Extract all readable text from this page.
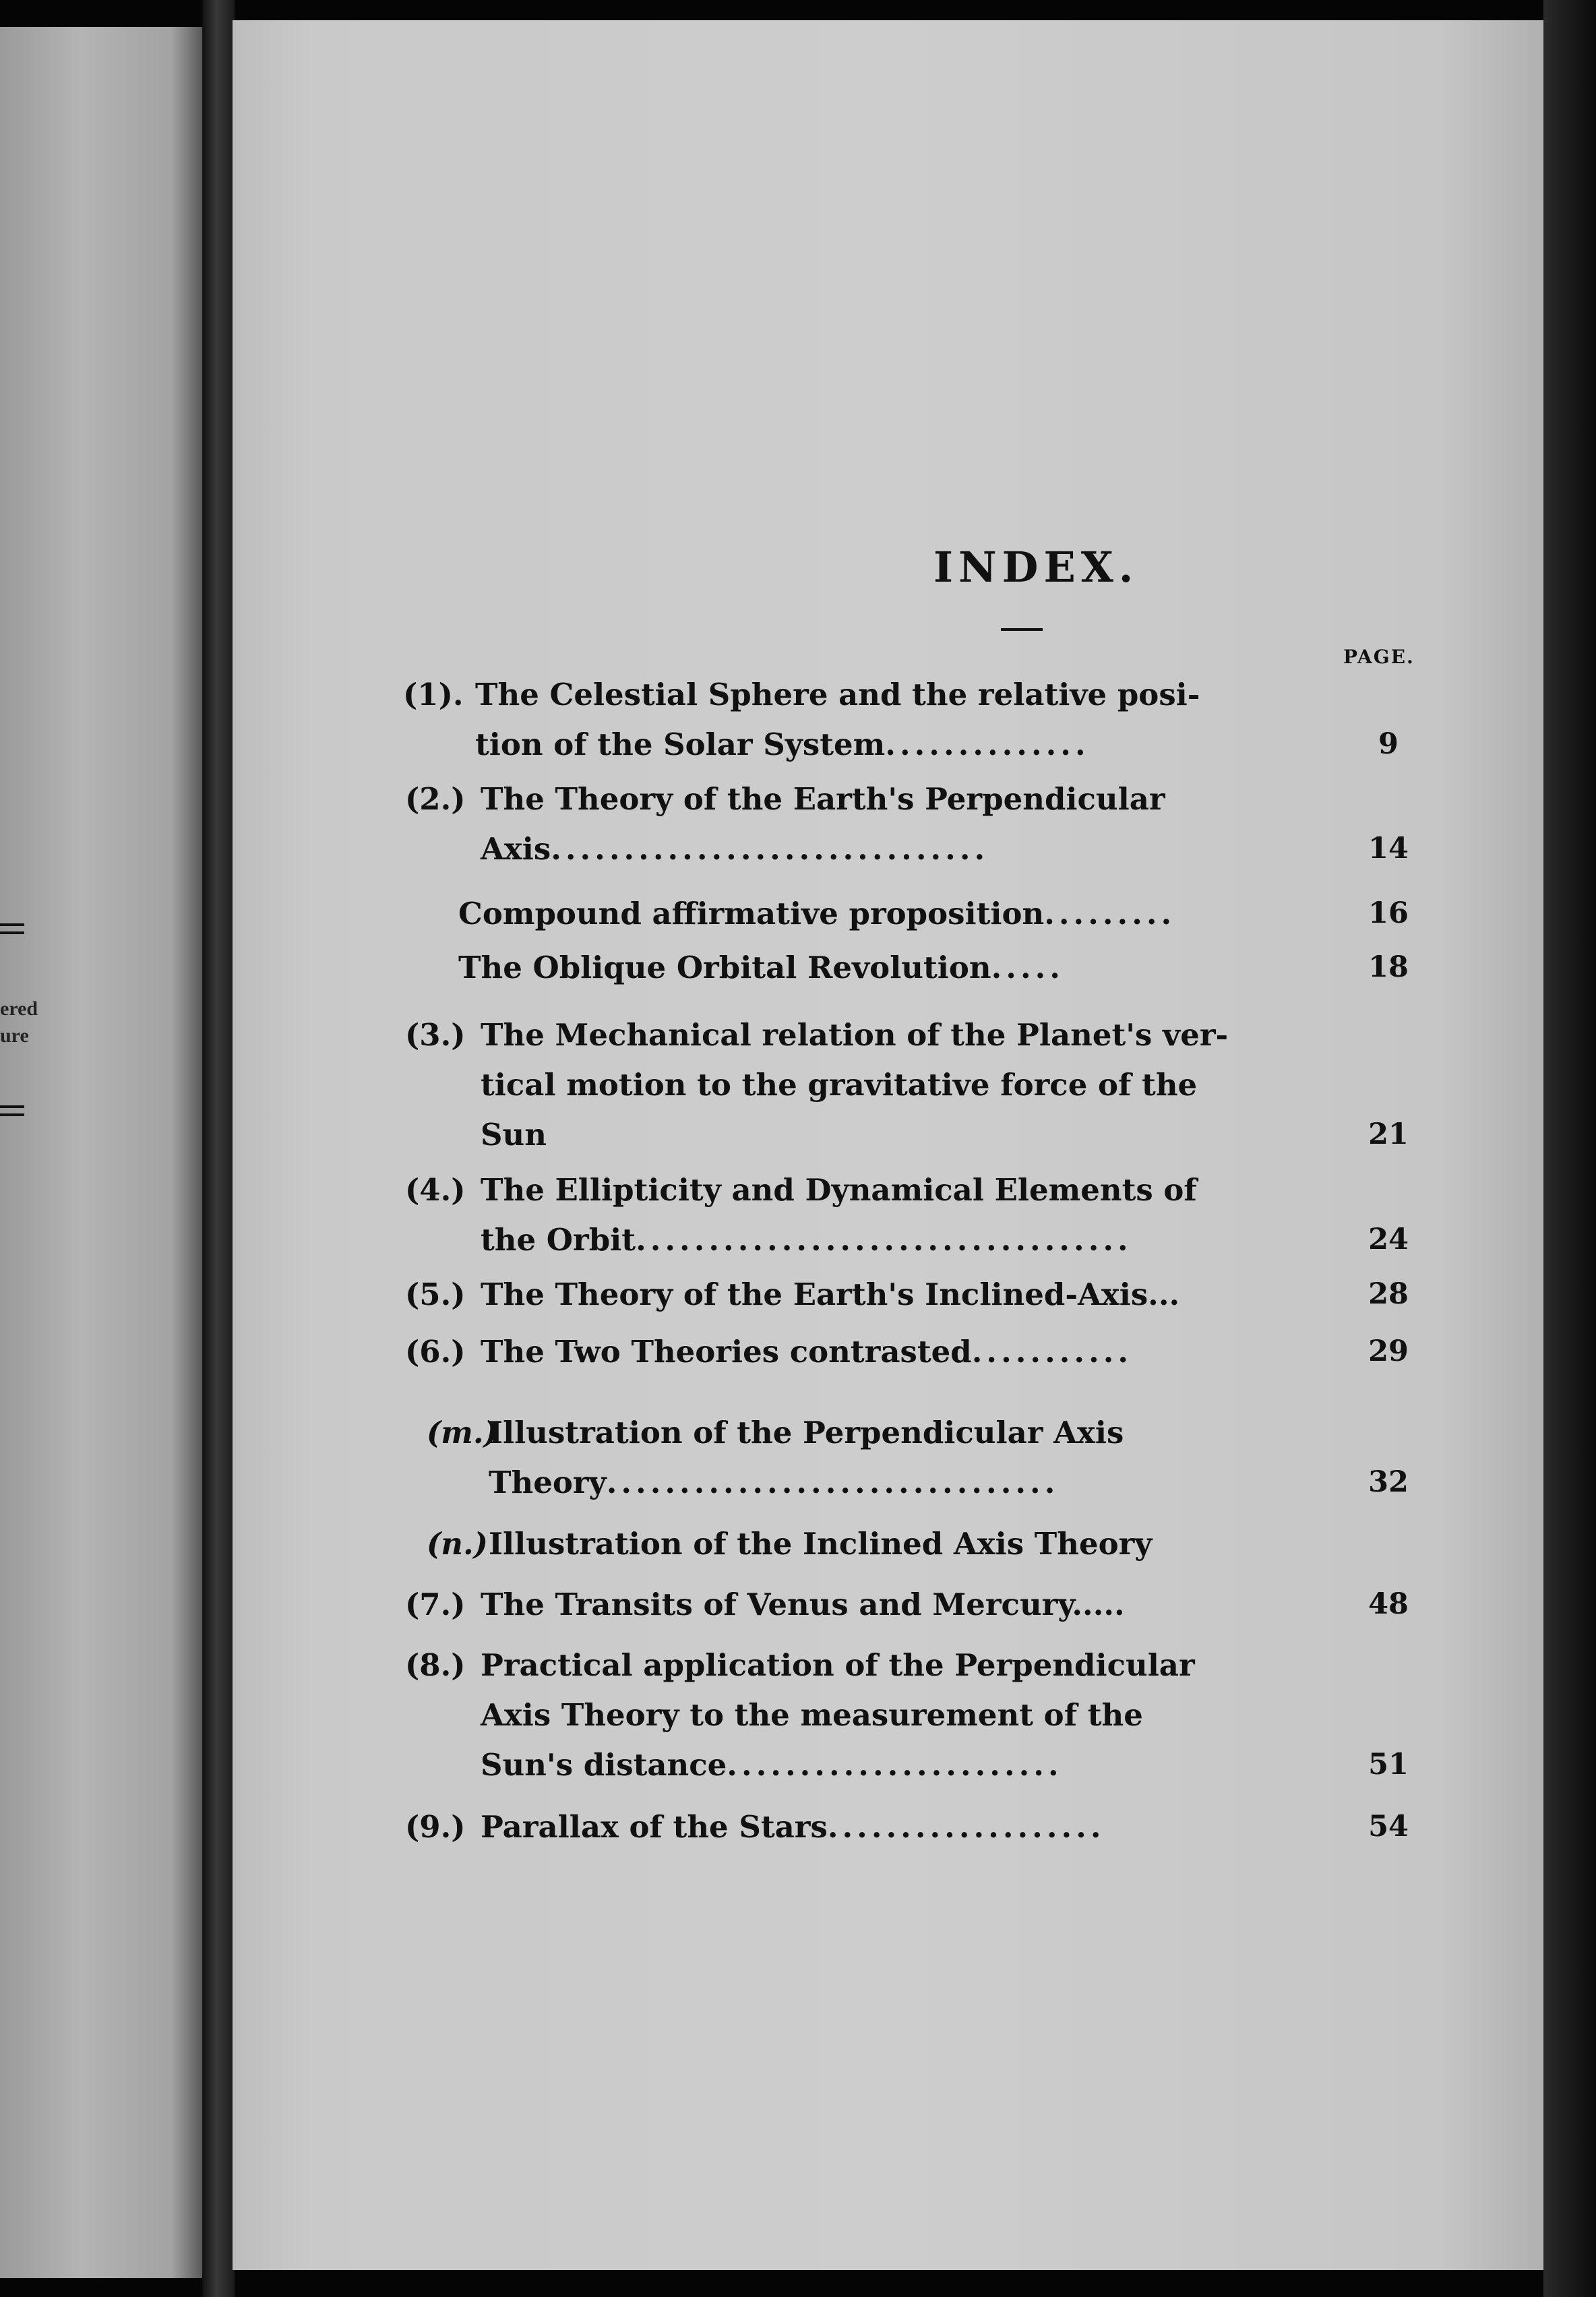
ered
ure
INDEX.
PAGE.
(1). The Celestial Sphere and the relative posi-
tion of the Solar System..............	9
(2.) The Theory of the Earth's Perpendicular
Axis..............................	14
Compound affirmative proposition.........	16
The Oblique Orbital Revolution.....	18
(3.) The Mechanical relation of the Planet's ver-
tical motion to the gravitative force of the
Sun	21
(4.) The Ellipticity and Dynamical Elements of
the Orbit..................................	24
(5.) The Theory of the Earth's Inclined-Axis...	28
(6.) The Two Theories contrasted...........	29
(m.)
Illustration of the Perpendicular Axis
Theory...............................	32
(n.) Illustration of the Inclined Axis Theory
(7.) The Transits of Venus and Mercury.....	48
(8.) Practical application of the Perpendicular
Axis Theory to the measurement of the
Sun's distance.......................	51
(9.) Parallax of the Stars...................	54
